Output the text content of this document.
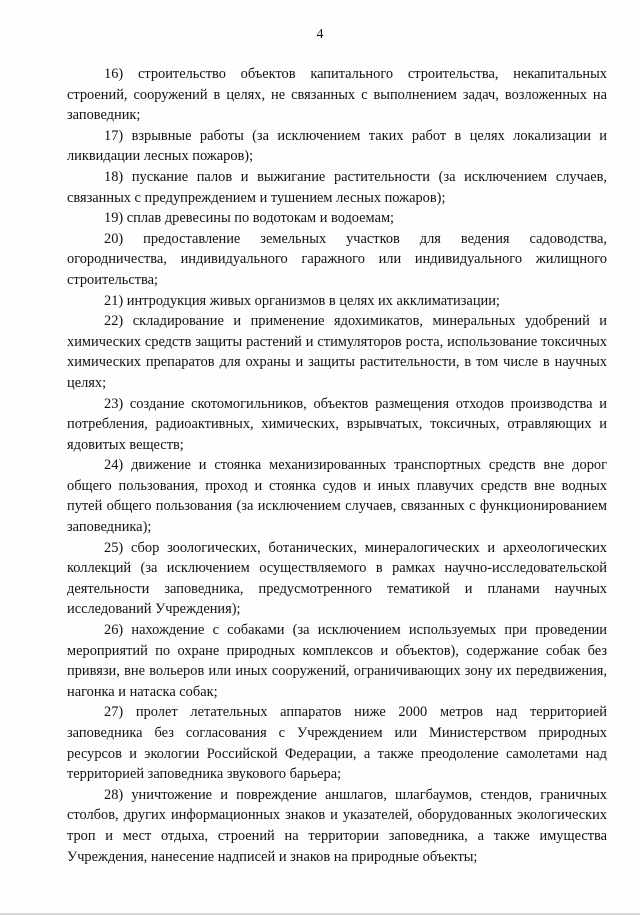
4

16) строительство объектов капитального строительства, некапитальных строений, сооружений в целях, не связанных с выполнением задач, возложенных на заповедник;

17) взрывные работы (за исключением таких работ в целях локализации и ликвидации лесных пожаров);

18) пускание палов и выжигание растительности (за исключением случаев, связанных с предупреждением и тушением лесных пожаров);

19) сплав древесины по водотокам и водоемам;

20) предоставление земельных участков для ведения садоводства, огородничества, индивидуального гаражного или индивидуального жилищного строительства;

21) интродукция живых организмов в целях их акклиматизации;

22) складирование и применение ядохимикатов, минеральных удобрений и химических средств защиты растений и стимуляторов роста, использование токсичных химических препаратов для охраны и защиты растительности, в том числе в научных целях;

23) создание скотомогильников, объектов размещения отходов производства и потребления, радиоактивных, химических, взрывчатых, токсичных, отравляющих и ядовитых веществ;

24) движение и стоянка механизированных транспортных средств вне дорог общего пользования, проход и стоянка судов и иных плавучих средств вне водных путей общего пользования (за исключением случаев, связанных с функционированием заповедника);

25) сбор зоологических, ботанических, минералогических и археологических коллекций (за исключением осуществляемого в рамках научно-исследовательской деятельности заповедника, предусмотренного тематикой и планами научных исследований Учреждения);

26) нахождение с собаками (за исключением используемых при проведении мероприятий по охране природных комплексов и объектов), содержание собак без привязи, вне вольеров или иных сооружений, ограничивающих зону их передвижения, нагонка и натаска собак;

27) пролет летательных аппаратов ниже 2000 метров над территорией заповедника без согласования с Учреждением или Министерством природных ресурсов и экологии Российской Федерации, а также преодоление самолетами над территорией заповедника звукового барьера;

28) уничтожение и повреждение аншлагов, шлагбаумов, стендов, граничных столбов, других информационных знаков и указателей, оборудованных экологических троп и мест отдыха, строений на территории заповедника, а также имущества Учреждения, нанесение надписей и знаков на природные объекты;
